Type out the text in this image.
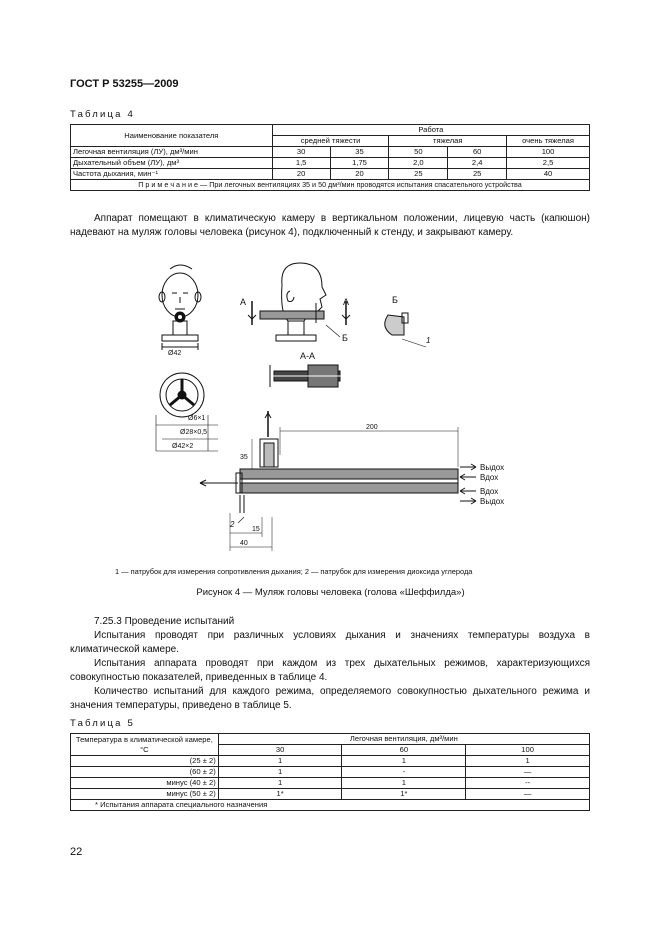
ГОСТ Р 53255—2009
Таблица 4
Наименование показателя	Работа				
	средней тяжести		тяжелая		очень тяжелая
Легочная вентиляция (ЛУ), дм³/мин	30	35	50	60	100
Дыхательный объем (ЛУ), дм³	1,5	1,75	2,0	2,4	2,5
Частота дыхания, мин⁻¹	20	20	25	25	40
П р и м е ч а н и е — При легочных вентиляциях 35 и 50 дм³/мин проводятся испытания спасательного устройства					
Аппарат помещают в климатическую камеру в вертикальном положении, лицевую часть (капюшон) надевают на муляж головы человека (рисунок 4), подключенный к стенду, и закрывают камеру.
Ø42
А	А
Б
Б
1
А-А
Ø6×1
Ø28×0,5
Ø42×2
200
35
Выдох
Вдох
Вдох
Выдох
2
15
40
1 — патрубок для измерения сопротивления дыхания; 2 — патрубок для измерения диоксида углерода
Рисунок 4 — Муляж головы человека (голова «Шеффилда»)
7.25.3 Проведение испытаний
Испытания проводят при различных условиях дыхания и значениях температуры воздуха в климатической камере.
Испытания аппарата проводят при каждом из трех дыхательных режимов, характеризующихся совокупностью показателей, приведенных в таблице 4.
Количество испытаний для каждого режима, определяемого совокупностью дыхательного режима и значения температуры, приведено в таблице 5.
Таблица 5
Температура в климатической камере, °С	Легочная вентиляция, дм³/мин		
	30	60	100
(25 ± 2)	1	1	1
(60 ± 2)	1	-	—
минус (40 ± 2)	1	1	--
минус (50 ± 2)	1*	1*	—
* Испытания аппарата специального назначения			
22
